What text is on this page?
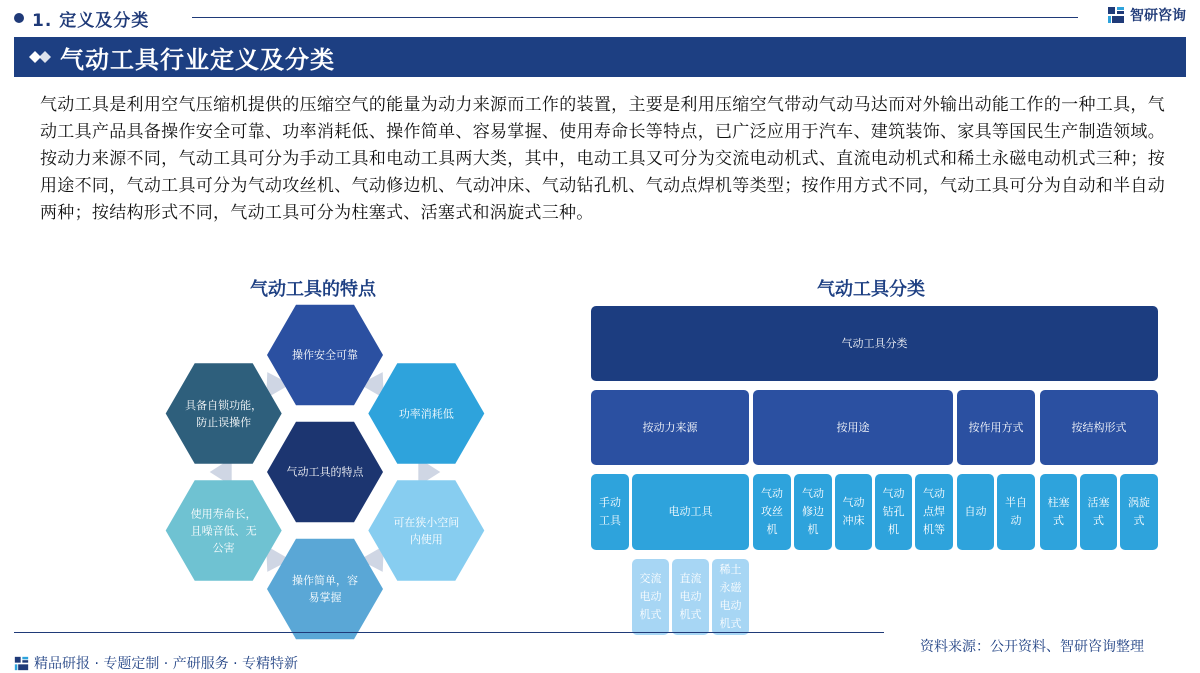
1. 定义及分类	智研咨询
气动工具行业定义及分类

气动工具是利用空气压缩机提供的压缩空气的能量为动力来源而工作的装置，主要是利用压缩空气带动气动马达而对外输出动能工作的一种工具，气动工具产品具备操作安全可靠、功率消耗低、操作简单、容易掌握、使用寿命长等特点，已广泛应用于汽车、建筑装饰、家具等国民生产制造领域。按动力来源不同，气动工具可分为手动工具和电动工具两大类，其中，电动工具又可分为交流电动机式、直流电动机式和稀土永磁电动机式三种；按用途不同，气动工具可分为气动攻丝机、气动修边机、气动冲床、气动钻孔机、气动点焊机等类型；按作用方式不同，气动工具可分为自动和半自动两种；按结构形式不同，气动工具可分为柱塞式、活塞式和涡旋式三种。

气动工具的特点
气动工具的特点
操作安全可靠
功率消耗低
可在狭小空间
内使用
操作简单，容
易掌握
使用寿命长，
且噪音低、无
公害
具备自锁功能，
防止误操作
气动工具分类
气动工具分类
按动力来源	按用途	按作用方式	按结构形式
手动
工具
电动工具
气动
攻丝
机
气动
修边
机
气动
冲床
气动
钻孔
机
气动
点焊
机等
自动
半自
动
柱塞
式
活塞
式
涡旋
式
交流
电动
机式
直流
电动
机式
稀土
永磁
电动
机式
资料来源：公开资料、智研咨询整理
精品研报 · 专题定制 · 产研服务 · 专精特新
